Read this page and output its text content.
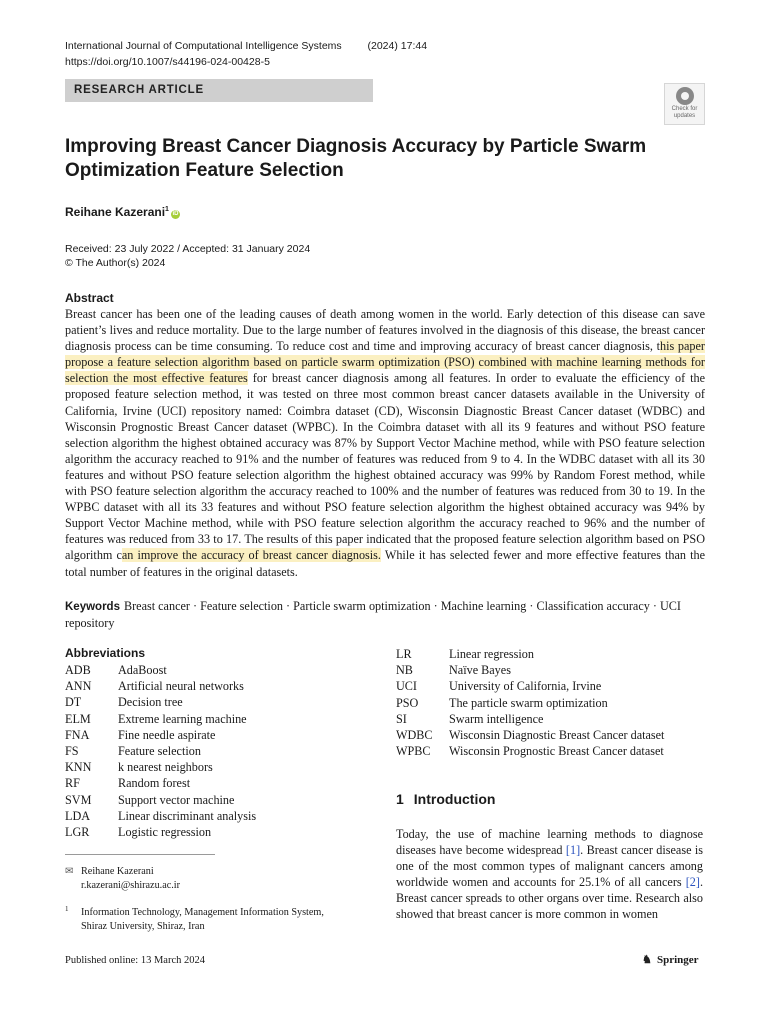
International Journal of Computational Intelligence Systems (2024) 17:44
https://doi.org/10.1007/s44196-024-00428-5
RESEARCH ARTICLE
Check for updates
Improving Breast Cancer Diagnosis Accuracy by Particle Swarm Optimization Feature Selection
Reihane Kazerani$^1$iD
Received: 23 July 2022 / Accepted: 31 January 2024
© The Author(s) 2024
Abstract
Breast cancer has been one of the leading causes of death among women in the world. Early detection of this disease can save patient’s lives and reduce mortality. Due to the large number of features involved in the diagnosis of this disease, the breast cancer diagnosis process can be time consuming. To reduce cost and time and improving accuracy of breast cancer diagnosis, this paper propose a feature selection algorithm based on particle swarm optimization (PSO) combined with machine learning methods for selection the most effective features for breast cancer diagnosis among all features. In order to evaluate the efficiency of the proposed feature selection method, it was tested on three most common breast cancer datasets available in the University of California, Irvine (UCI) repository named: Coimbra dataset (CD), Wisconsin Diagnostic Breast Cancer dataset (WDBC) and Wisconsin Prognostic Breast Cancer dataset (WPBC). In the Coimbra dataset with all its 9 features and without PSO feature selection algorithm the highest obtained accuracy was 87% by Support Vector Machine method, while with PSO feature selection algorithm the accuracy reached to 91% and the number of features was reduced from 9 to 4. In the WDBC dataset with all its 30 features and without PSO feature selection algorithm the highest obtained accuracy was 99% by Random Forest method, while with PSO feature selection algorithm the accuracy reached to 100% and the number of features was reduced from 30 to 19. In the WPBC dataset with all its 33 features and without PSO feature selection algorithm the highest obtained accuracy was 94% by Support Vector Machine method, while with PSO feature selection algorithm the accuracy reached to 96% and the number of features was reduced from 33 to 17. The results of this paper indicated that the proposed feature selection algorithm based on PSO algorithm can improve the accuracy of breast cancer diagnosis. While it has selected fewer and more effective features than the total number of features in the original datasets.
Keywords Breast cancer · Feature selection · Particle swarm optimization · Machine learning · Classification accuracy · UCI repository
Abbreviations
ADB AdaBoost
ANN Artificial neural networks
DT	Decision tree
ELM Extreme learning machine
FNA Fine needle aspirate
FS	Feature selection
KNN k nearest neighbors
RF	Random forest
SVM Support vector machine
LDA Linear discriminant analysis
LGR Logistic regression
LR	Linear regression
NB	Naïve Bayes
UCI	University of California, Irvine
PSO	The particle swarm optimization
SI	Swarm intelligence
WDBC Wisconsin Diagnostic Breast Cancer dataset
WPBC Wisconsin Prognostic Breast Cancer dataset
1 Introduction
Today, the use of machine learning methods to diagnose diseases have become widespread [1]. Breast cancer disease is one of the most common types of malignant cancers among worldwide women and accounts for 25.1% of all cancers [2]. Breast cancer spreads to other organs over time. Research also showed that breast cancer is more common in women
✉ Reihane Kazerani
r.kazerani@shirazu.ac.ir
$^1$ Information Technology, Management Information System,
Shiraz University, Shiraz, Iran
Published online: 13 March 2024	♞ Springer
